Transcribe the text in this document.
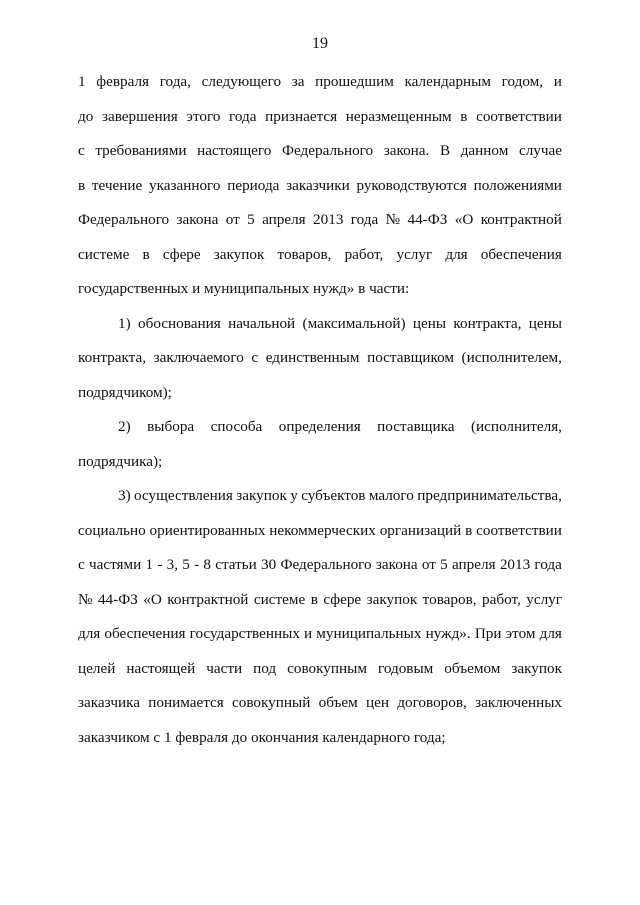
19
1 февраля года, следующего за прошедшим календарным годом, и
до завершения этого года признается неразмещенным в соответствии
с требованиями настоящего Федерального закона. В данном случае
в течение указанного периода заказчики руководствуются положениями
Федерального закона от 5 апреля 2013 года № 44-ФЗ «О контрактной
системе в сфере закупок товаров, работ, услуг для обеспечения
государственных и муниципальных нужд» в части:
1) обоснования начальной (максимальной) цены контракта, цены
контракта, заключаемого с единственным поставщиком (исполнителем,
подрядчиком);
2) выбора способа определения поставщика (исполнителя,
подрядчика);
3) осуществления закупок у субъектов малого предпринимательства,
социально ориентированных некоммерческих организаций в соответствии
с частями 1 - 3, 5 - 8 статьи 30 Федерального закона от 5 апреля 2013 года
№ 44-ФЗ «О контрактной системе в сфере закупок товаров, работ, услуг
для обеспечения государственных и муниципальных нужд». При этом для
целей настоящей части под совокупным годовым объемом закупок
заказчика понимается совокупный объем цен договоров, заключенных
заказчиком с 1 февраля до окончания календарного года;
